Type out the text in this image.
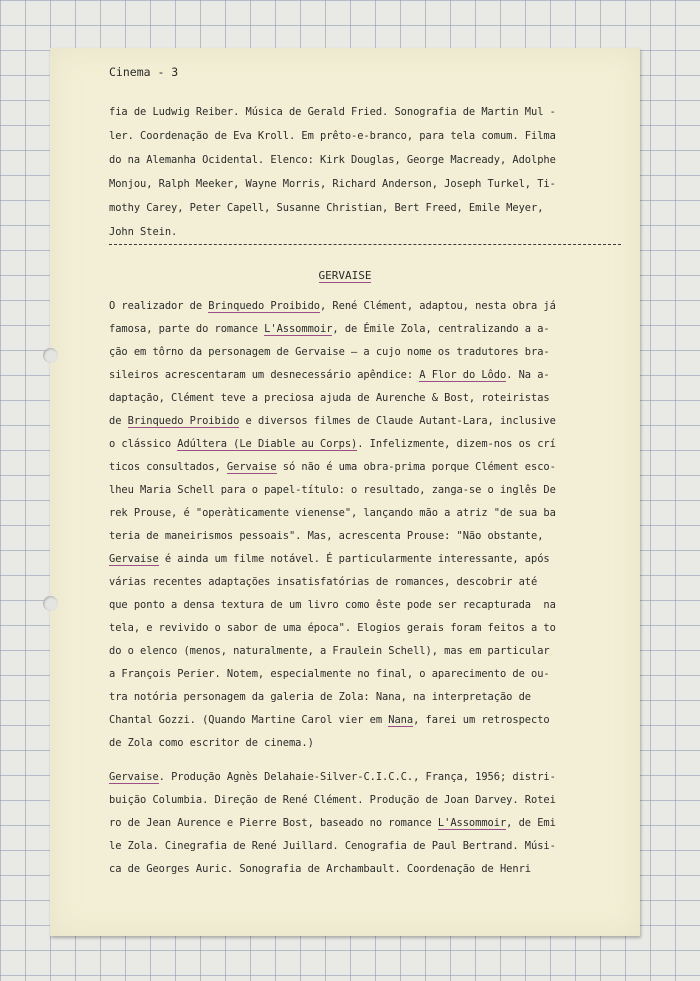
Cinema - 3
fia de Ludwig Reiber. Música de Gerald Fried. Sonografia de Martin Mul -
ler. Coordenação de Eva Kroll. Em prêto-e-branco, para tela comum. Filma
do na Alemanha Ocidental. Elenco: Kirk Douglas, George Macready, Adolphe
Monjou, Ralph Meeker, Wayne Morris, Richard Anderson, Joseph Turkel, Ti-
mothy Carey, Peter Capell, Susanne Christian, Bert Freed, Emile Meyer,
John Stein.
O realizador de Brinquedo Proibido, René Clément, adaptou, nesta obra já
famosa, parte do romance L'Assommoir, de Émile Zola, centralizando a a-
ção em tôrno da personagem de Gervaise — a cujo nome os tradutores bra-
sileiros acrescentaram um desnecessário apêndice: A Flor do Lôdo. Na a-
daptação, Clément teve a preciosa ajuda de Aurenche & Bost, roteiristas
de Brinquedo Proibido e diversos filmes de Claude Autant-Lara, inclusive
o clássico Adúltera (Le Diable au Corps). Infelizmente, dizem-nos os crí
ticos consultados, Gervaise só não é uma obra-prima porque Clément esco-
lheu Maria Schell para o papel-título: o resultado, zanga-se o inglês De
rek Prouse, é "operàticamente vienense", lançando mão a atriz "de sua ba
teria de maneirismos pessoais". Mas, acrescenta Prouse: "Não obstante,
Gervaise é ainda um filme notável. É particularmente interessante, após
várias recentes adaptações insatisfatórias de romances, descobrir até
que ponto a densa textura de um livro como êste pode ser recapturada  na
tela, e revivido o sabor de uma época". Elogios gerais foram feitos a to
do o elenco (menos, naturalmente, a Fraulein Schell), mas em particular
a François Perier. Notem, especialmente no final, o aparecimento de ou-
tra notória personagem da galeria de Zola: Nana, na interpretação de
Chantal Gozzi. (Quando Martine Carol vier em Nana, farei um retrospecto
de Zola como escritor de cinema.)
Gervaise. Produção Agnès Delahaie-Silver-C.I.C.C., França, 1956; distri-
buição Columbia. Direção de René Clément. Produção de Joan Darvey. Rotei
ro de Jean Aurence e Pierre Bost, baseado no romance L'Assommoir, de Emi
le Zola. Cinegrafia de René Juillard. Cenografia de Paul Bertrand. Músi-
ca de Georges Auric. Sonografia de Archambault. Coordenação de Henri
GERVAISE
